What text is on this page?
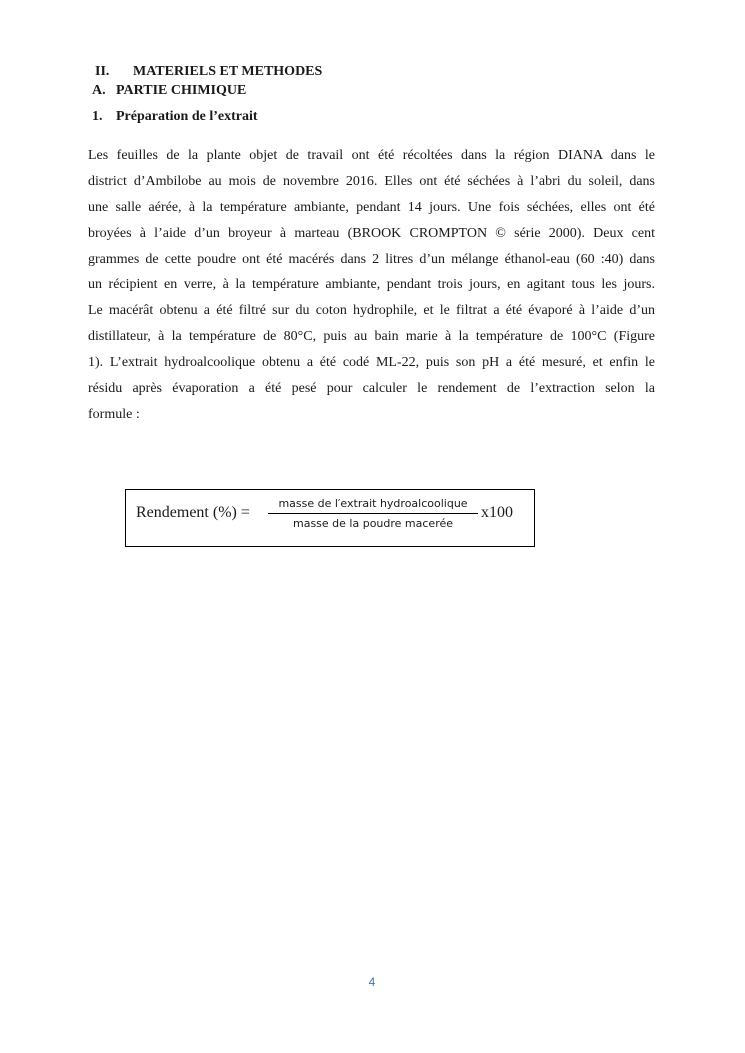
II. MATERIELS ET METHODES
A. PARTIE CHIMIQUE
1. Préparation de l’extrait
Les feuilles de la plante objet de travail ont été récoltées dans la région DIANA dans le
district d’Ambilobe au mois de novembre 2016. Elles ont été séchées à l’abri du soleil, dans
une salle aérée, à la température ambiante, pendant 14 jours. Une fois séchées, elles ont été
broyées à l’aide d’un broyeur à marteau (BROOK CROMPTON © série 2000). Deux cent
grammes de cette poudre ont été macérés dans 2 litres d’un mélange éthanol-eau (60 :40) dans
un récipient en verre, à la température ambiante, pendant trois jours, en agitant tous les jours.
Le macérât obtenu a été filtré sur du coton hydrophile, et le filtrat a été évaporé à l’aide d’un
distillateur, à la température de 80°C, puis au bain marie à la température de 100°C (Figure
1). L’extrait hydroalcoolique obtenu a été codé ML-22, puis son pH a été mesuré, et enfin le
résidu après évaporation a été pesé pour calculer le rendement de l’extraction selon la
formule :
Rendement (%) =
masse de l′extrait hydroalcoolique
masse de la poudre macerée
x100
4
